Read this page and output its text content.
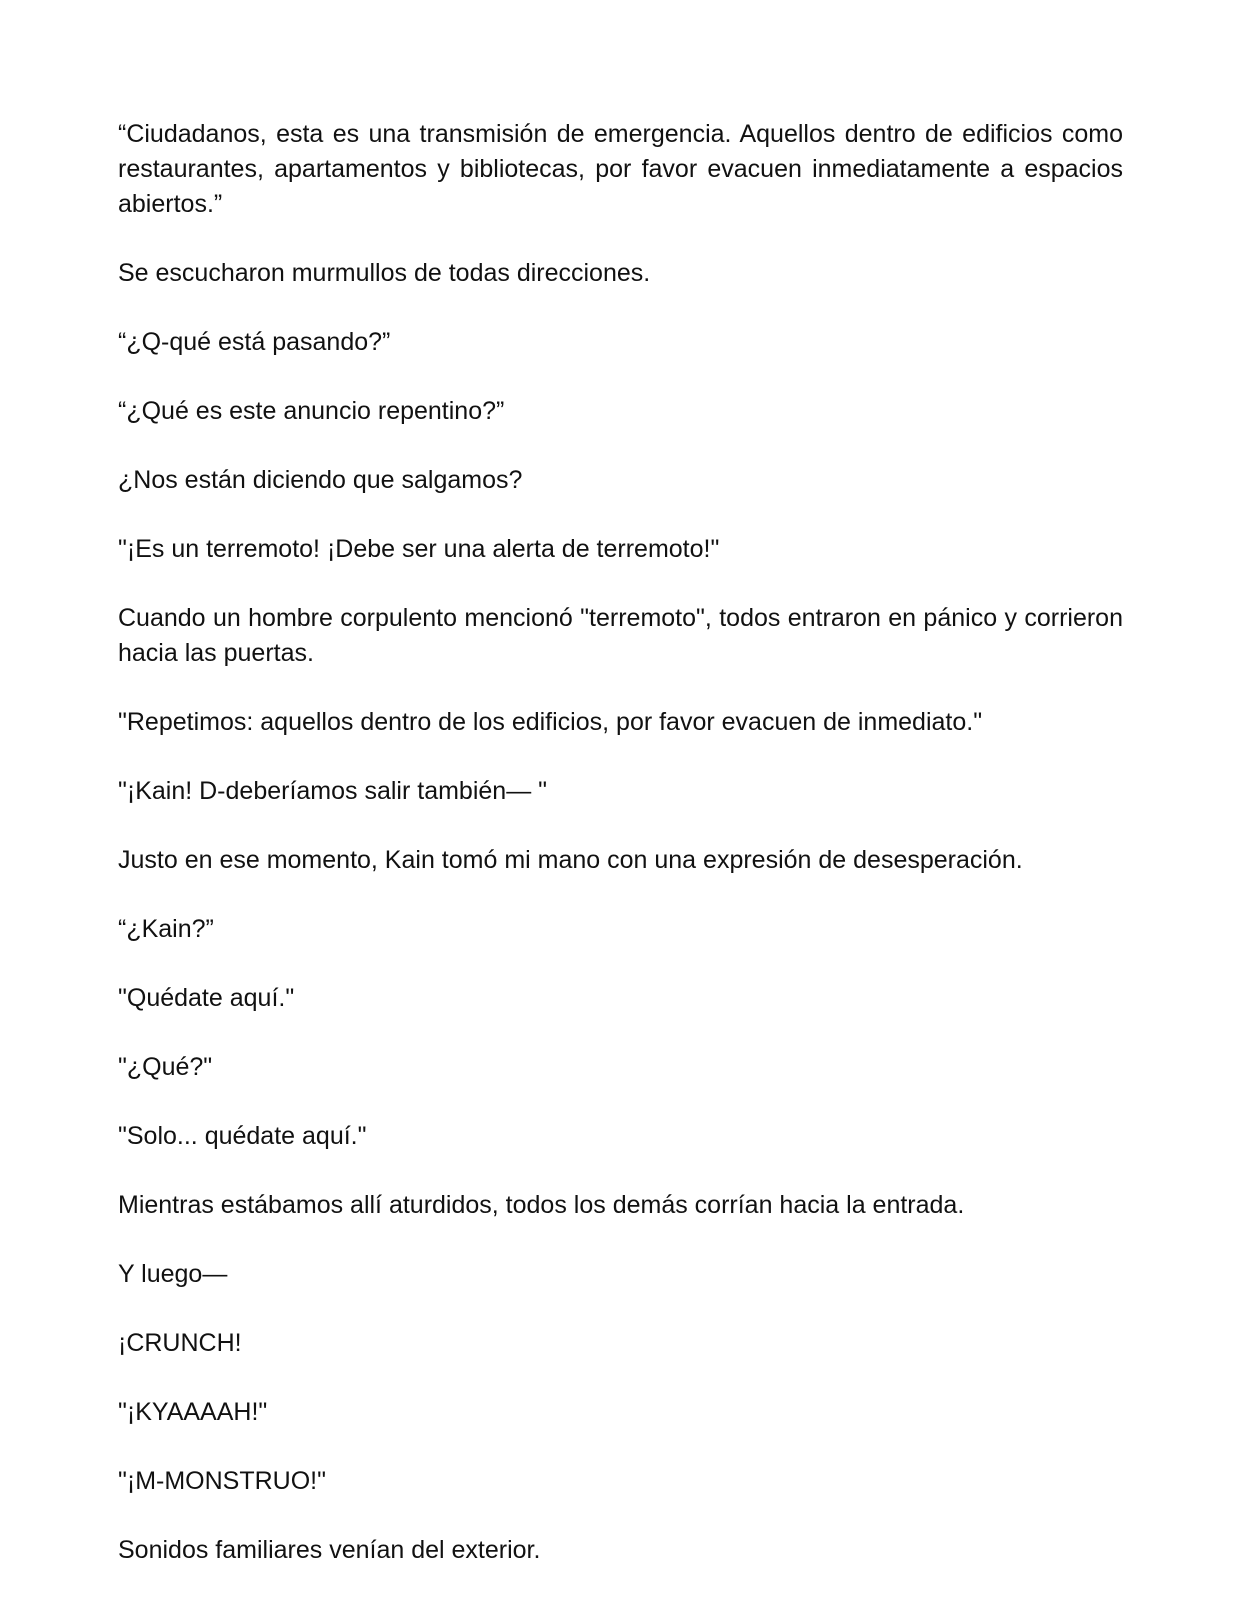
“Ciudadanos, esta es una transmisión de emergencia. Aquellos dentro de edificios como restaurantes, apartamentos y bibliotecas, por favor evacuen inmediatamente a espacios abiertos.”

Se escucharon murmullos de todas direcciones.

“¿Q-qué está pasando?”

“¿Qué es este anuncio repentino?”

¿Nos están diciendo que salgamos?

"¡Es un terremoto! ¡Debe ser una alerta de terremoto!"

Cuando un hombre corpulento mencionó "terremoto", todos entraron en pánico y corrieron hacia las puertas.

"Repetimos: aquellos dentro de los edificios, por favor evacuen de inmediato."

"¡Kain! D-deberíamos salir también— "

Justo en ese momento, Kain tomó mi mano con una expresión de desesperación.

“¿Kain?”

"Quédate aquí."

"¿Qué?"

"Solo... quédate aquí."

Mientras estábamos allí aturdidos, todos los demás corrían hacia la entrada.

Y luego—

¡CRUNCH!

"¡KYAAAAH!"

"¡M-MONSTRUO!"

Sonidos familiares venían del exterior.
